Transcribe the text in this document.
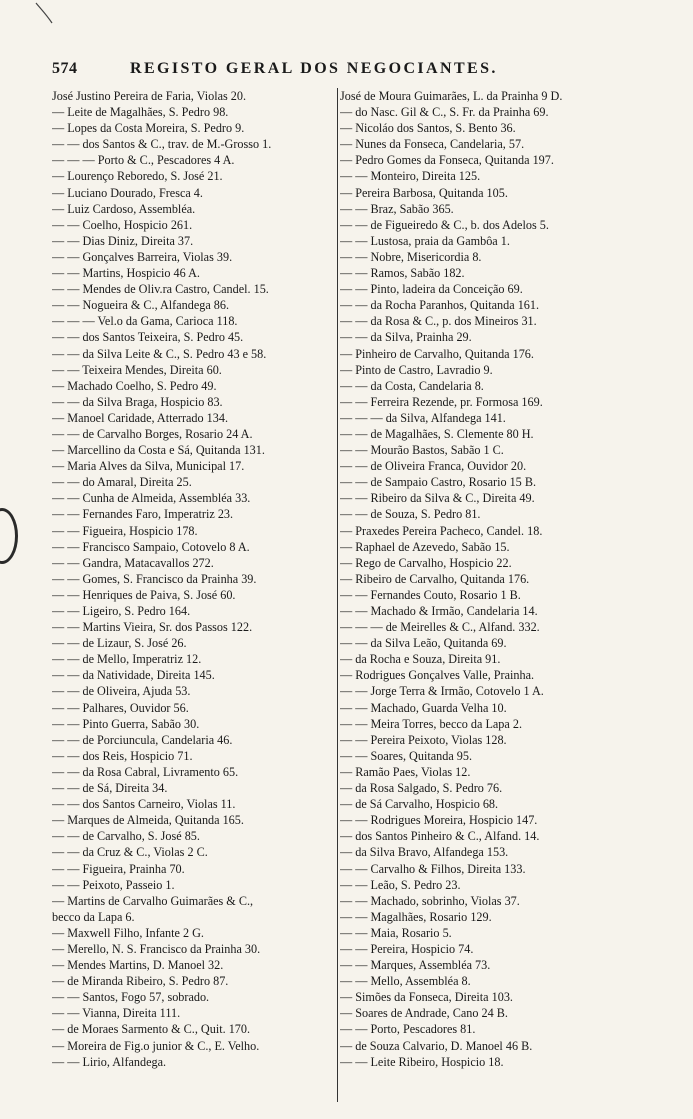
574	REGISTO GERAL DOS NEGOCIANTES.
José Justino Pereira de Faria, Violas 20.
— Leite de Magalhães, S. Pedro 98.
— Lopes da Costa Moreira, S. Pedro 9.
— — dos Santos & C., trav. de M.-Grosso 1.
— — — Porto & C., Pescadores 4 A.
— Lourenço Reboredo, S. José 21.
— Luciano Dourado, Fresca 4.
— Luiz Cardoso, Assembléa.
— — Coelho, Hospicio 261.
— — Dias Diniz, Direita 37.
— — Gonçalves Barreira, Violas 39.
— — Martins, Hospicio 46 A.
— — Mendes de Oliv.ra Castro, Candel. 15.
— — Nogueira & C., Alfandega 86.
— — — Vel.o da Gama, Carioca 118.
— — dos Santos Teixeira, S. Pedro 45.
— — da Silva Leite & C., S. Pedro 43 e 58.
— — Teixeira Mendes, Direita 60.
— Machado Coelho, S. Pedro 49.
— — da Silva Braga, Hospicio 83.
— Manoel Caridade, Atterrado 134.
— — de Carvalho Borges, Rosario 24 A.
— Marcellino da Costa e Sá, Quitanda 131.
— Maria Alves da Silva, Municipal 17.
— — do Amaral, Direita 25.
— — Cunha de Almeida, Assembléa 33.
— — Fernandes Faro, Imperatriz 23.
— — Figueira, Hospicio 178.
— — Francisco Sampaio, Cotovelo 8 A.
— — Gandra, Matacavallos 272.
— — Gomes, S. Francisco da Prainha 39.
— — Henriques de Paiva, S. José 60.
— — Ligeiro, S. Pedro 164.
— — Martins Vieira, Sr. dos Passos 122.
— — de Lizaur, S. José 26.
— — de Mello, Imperatriz 12.
— — da Natividade, Direita 145.
— — de Oliveira, Ajuda 53.
— — Palhares, Ouvidor 56.
— — Pinto Guerra, Sabão 30.
— — de Porciuncula, Candelaria 46.
— — dos Reis, Hospicio 71.
— — da Rosa Cabral, Livramento 65.
— — de Sá, Direita 34.
— — dos Santos Carneiro, Violas 11.
— Marques de Almeida, Quitanda 165.
— — de Carvalho, S. José 85.
— — da Cruz & C., Violas 2 C.
— — Figueira, Prainha 70.
— — Peixoto, Passeio 1.
— Martins de Carvalho Guimarães & C.,
becco da Lapa 6.
— Maxwell Filho, Infante 2 G.
— Merello, N. S. Francisco da Prainha 30.
— Mendes Martins, D. Manoel 32.
— de Miranda Ribeiro, S. Pedro 87.
— — Santos, Fogo 57, sobrado.
— — Vianna, Direita 111.
— de Moraes Sarmento & C., Quit. 170.
— Moreira de Fig.o junior & C., E. Velho.
— — Lirio, Alfandega.
José de Moura Guimarães, L. da Prainha 9 D.
— do Nasc. Gil & C., S. Fr. da Prainha 69.
— Nicoláo dos Santos, S. Bento 36.
— Nunes da Fonseca, Candelaria, 57.
— Pedro Gomes da Fonseca, Quitanda 197.
— — Monteiro, Direita 125.
— Pereira Barbosa, Quitanda 105.
— — Braz, Sabão 365.
— — de Figueiredo & C., b. dos Adelos 5.
— — Lustosa, praia da Gambôa 1.
— — Nobre, Misericordia 8.
— — Ramos, Sabão 182.
— — Pinto, ladeira da Conceição 69.
— — da Rocha Paranhos, Quitanda 161.
— — da Rosa & C., p. dos Mineiros 31.
— — da Silva, Prainha 29.
— Pinheiro de Carvalho, Quitanda 176.
— Pinto de Castro, Lavradio 9.
— — da Costa, Candelaria 8.
— — Ferreira Rezende, pr. Formosa 169.
— — — da Silva, Alfandega 141.
— — de Magalhães, S. Clemente 80 H.
— — Mourão Bastos, Sabão 1 C.
— — de Oliveira Franca, Ouvidor 20.
— — de Sampaio Castro, Rosario 15 B.
— — Ribeiro da Silva & C., Direita 49.
— — de Souza, S. Pedro 81.
— Praxedes Pereira Pacheco, Candel. 18.
— Raphael de Azevedo, Sabão 15.
— Rego de Carvalho, Hospicio 22.
— Ribeiro de Carvalho, Quitanda 176.
— — Fernandes Couto, Rosario 1 B.
— — Machado & Irmão, Candelaria 14.
— — — de Meirelles & C., Alfand. 332.
— — da Silva Leão, Quitanda 69.
— da Rocha e Souza, Direita 91.
— Rodrigues Gonçalves Valle, Prainha.
— — Jorge Terra & Irmão, Cotovelo 1 A.
— — Machado, Guarda Velha 10.
— — Meira Torres, becco da Lapa 2.
— — Pereira Peixoto, Violas 128.
— — Soares, Quitanda 95.
— Ramão Paes, Violas 12.
— da Rosa Salgado, S. Pedro 76.
— de Sá Carvalho, Hospicio 68.
— — Rodrigues Moreira, Hospicio 147.
— dos Santos Pinheiro & C., Alfand. 14.
— da Silva Bravo, Alfandega 153.
— — Carvalho & Filhos, Direita 133.
— — Leão, S. Pedro 23.
— — Machado, sobrinho, Violas 37.
— — Magalhães, Rosario 129.
— — Maia, Rosario 5.
— — Pereira, Hospicio 74.
— — Marques, Assembléa 73.
— — Mello, Assembléa 8.
— Simões da Fonseca, Direita 103.
— Soares de Andrade, Cano 24 B.
— — Porto, Pescadores 81.
— de Souza Calvario, D. Manoel 46 B.
— — Leite Ribeiro, Hospicio 18.
